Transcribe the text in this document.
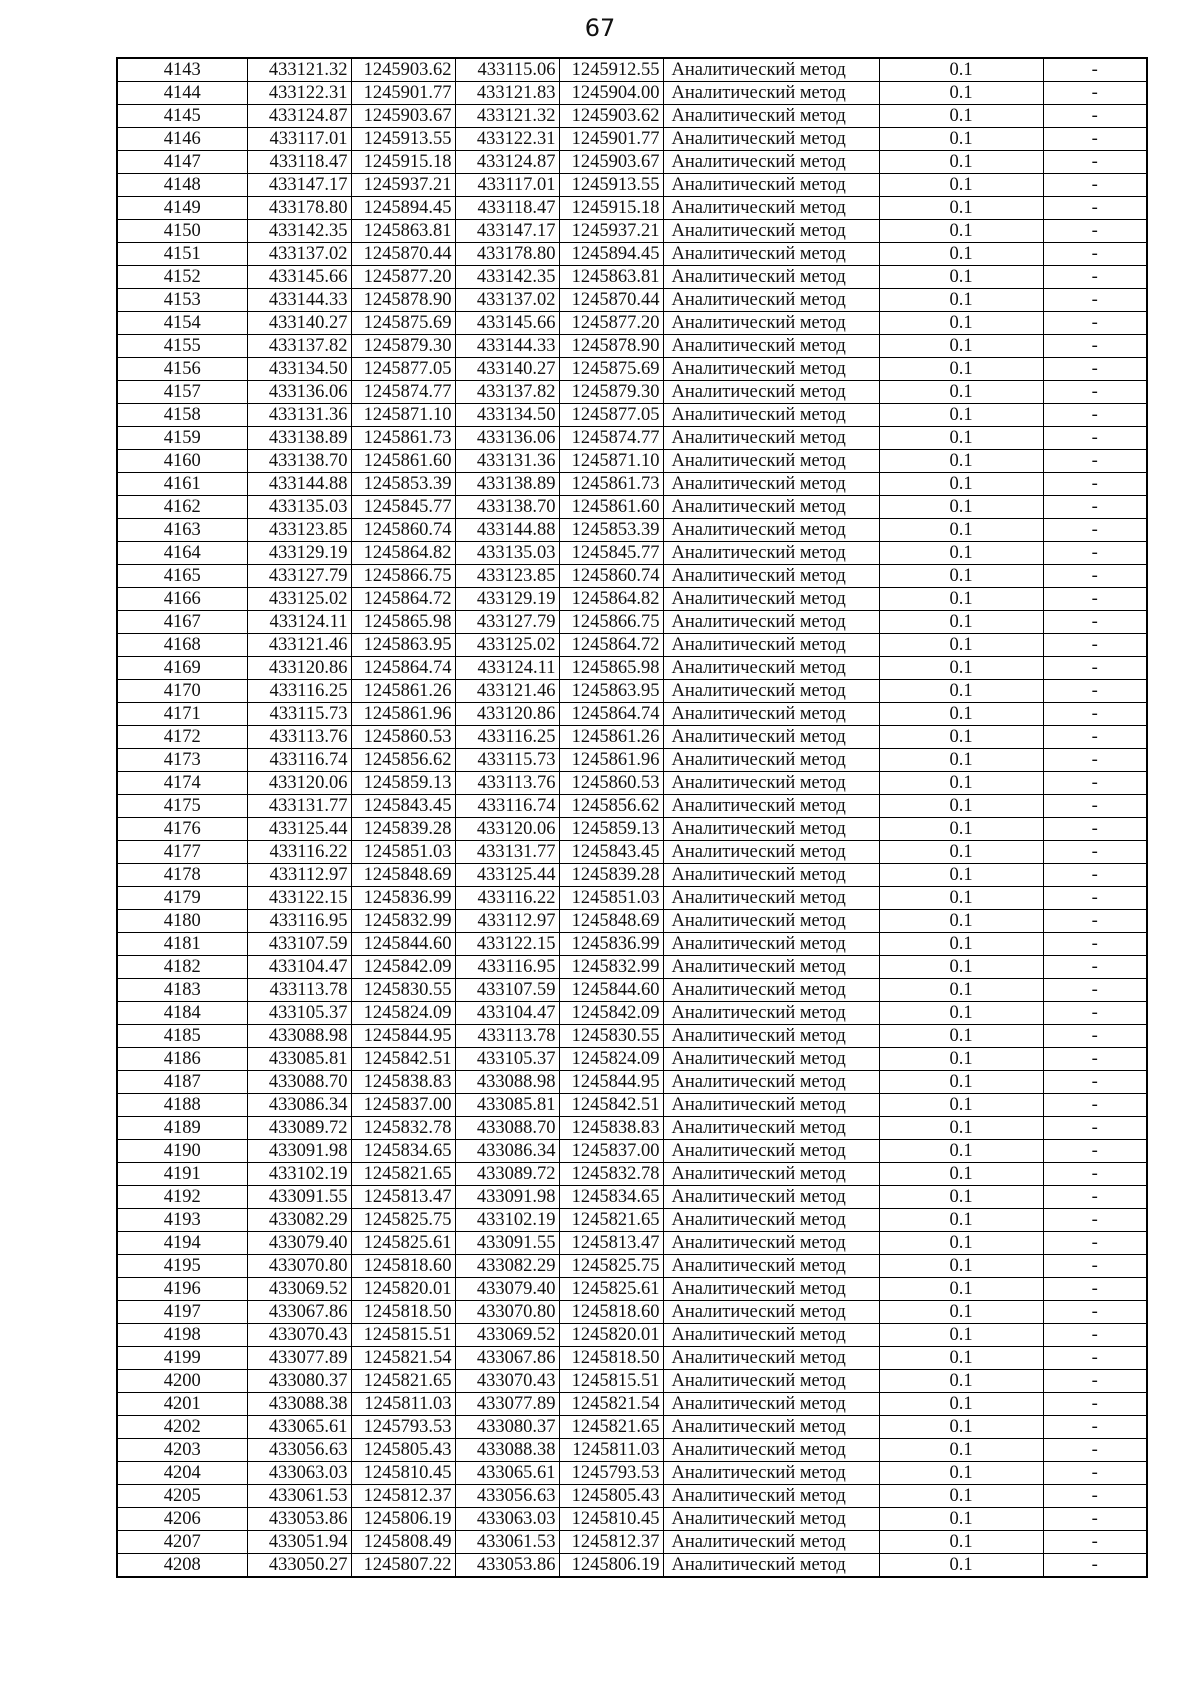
67
4143	433121.32	1245903.62	433115.06	1245912.55	Аналитический метод	0.1	-
4144	433122.31	1245901.77	433121.83	1245904.00	Аналитический метод	0.1	-
4145	433124.87	1245903.67	433121.32	1245903.62	Аналитический метод	0.1	-
4146	433117.01	1245913.55	433122.31	1245901.77	Аналитический метод	0.1	-
4147	433118.47	1245915.18	433124.87	1245903.67	Аналитический метод	0.1	-
4148	433147.17	1245937.21	433117.01	1245913.55	Аналитический метод	0.1	-
4149	433178.80	1245894.45	433118.47	1245915.18	Аналитический метод	0.1	-
4150	433142.35	1245863.81	433147.17	1245937.21	Аналитический метод	0.1	-
4151	433137.02	1245870.44	433178.80	1245894.45	Аналитический метод	0.1	-
4152	433145.66	1245877.20	433142.35	1245863.81	Аналитический метод	0.1	-
4153	433144.33	1245878.90	433137.02	1245870.44	Аналитический метод	0.1	-
4154	433140.27	1245875.69	433145.66	1245877.20	Аналитический метод	0.1	-
4155	433137.82	1245879.30	433144.33	1245878.90	Аналитический метод	0.1	-
4156	433134.50	1245877.05	433140.27	1245875.69	Аналитический метод	0.1	-
4157	433136.06	1245874.77	433137.82	1245879.30	Аналитический метод	0.1	-
4158	433131.36	1245871.10	433134.50	1245877.05	Аналитический метод	0.1	-
4159	433138.89	1245861.73	433136.06	1245874.77	Аналитический метод	0.1	-
4160	433138.70	1245861.60	433131.36	1245871.10	Аналитический метод	0.1	-
4161	433144.88	1245853.39	433138.89	1245861.73	Аналитический метод	0.1	-
4162	433135.03	1245845.77	433138.70	1245861.60	Аналитический метод	0.1	-
4163	433123.85	1245860.74	433144.88	1245853.39	Аналитический метод	0.1	-
4164	433129.19	1245864.82	433135.03	1245845.77	Аналитический метод	0.1	-
4165	433127.79	1245866.75	433123.85	1245860.74	Аналитический метод	0.1	-
4166	433125.02	1245864.72	433129.19	1245864.82	Аналитический метод	0.1	-
4167	433124.11	1245865.98	433127.79	1245866.75	Аналитический метод	0.1	-
4168	433121.46	1245863.95	433125.02	1245864.72	Аналитический метод	0.1	-
4169	433120.86	1245864.74	433124.11	1245865.98	Аналитический метод	0.1	-
4170	433116.25	1245861.26	433121.46	1245863.95	Аналитический метод	0.1	-
4171	433115.73	1245861.96	433120.86	1245864.74	Аналитический метод	0.1	-
4172	433113.76	1245860.53	433116.25	1245861.26	Аналитический метод	0.1	-
4173	433116.74	1245856.62	433115.73	1245861.96	Аналитический метод	0.1	-
4174	433120.06	1245859.13	433113.76	1245860.53	Аналитический метод	0.1	-
4175	433131.77	1245843.45	433116.74	1245856.62	Аналитический метод	0.1	-
4176	433125.44	1245839.28	433120.06	1245859.13	Аналитический метод	0.1	-
4177	433116.22	1245851.03	433131.77	1245843.45	Аналитический метод	0.1	-
4178	433112.97	1245848.69	433125.44	1245839.28	Аналитический метод	0.1	-
4179	433122.15	1245836.99	433116.22	1245851.03	Аналитический метод	0.1	-
4180	433116.95	1245832.99	433112.97	1245848.69	Аналитический метод	0.1	-
4181	433107.59	1245844.60	433122.15	1245836.99	Аналитический метод	0.1	-
4182	433104.47	1245842.09	433116.95	1245832.99	Аналитический метод	0.1	-
4183	433113.78	1245830.55	433107.59	1245844.60	Аналитический метод	0.1	-
4184	433105.37	1245824.09	433104.47	1245842.09	Аналитический метод	0.1	-
4185	433088.98	1245844.95	433113.78	1245830.55	Аналитический метод	0.1	-
4186	433085.81	1245842.51	433105.37	1245824.09	Аналитический метод	0.1	-
4187	433088.70	1245838.83	433088.98	1245844.95	Аналитический метод	0.1	-
4188	433086.34	1245837.00	433085.81	1245842.51	Аналитический метод	0.1	-
4189	433089.72	1245832.78	433088.70	1245838.83	Аналитический метод	0.1	-
4190	433091.98	1245834.65	433086.34	1245837.00	Аналитический метод	0.1	-
4191	433102.19	1245821.65	433089.72	1245832.78	Аналитический метод	0.1	-
4192	433091.55	1245813.47	433091.98	1245834.65	Аналитический метод	0.1	-
4193	433082.29	1245825.75	433102.19	1245821.65	Аналитический метод	0.1	-
4194	433079.40	1245825.61	433091.55	1245813.47	Аналитический метод	0.1	-
4195	433070.80	1245818.60	433082.29	1245825.75	Аналитический метод	0.1	-
4196	433069.52	1245820.01	433079.40	1245825.61	Аналитический метод	0.1	-
4197	433067.86	1245818.50	433070.80	1245818.60	Аналитический метод	0.1	-
4198	433070.43	1245815.51	433069.52	1245820.01	Аналитический метод	0.1	-
4199	433077.89	1245821.54	433067.86	1245818.50	Аналитический метод	0.1	-
4200	433080.37	1245821.65	433070.43	1245815.51	Аналитический метод	0.1	-
4201	433088.38	1245811.03	433077.89	1245821.54	Аналитический метод	0.1	-
4202	433065.61	1245793.53	433080.37	1245821.65	Аналитический метод	0.1	-
4203	433056.63	1245805.43	433088.38	1245811.03	Аналитический метод	0.1	-
4204	433063.03	1245810.45	433065.61	1245793.53	Аналитический метод	0.1	-
4205	433061.53	1245812.37	433056.63	1245805.43	Аналитический метод	0.1	-
4206	433053.86	1245806.19	433063.03	1245810.45	Аналитический метод	0.1	-
4207	433051.94	1245808.49	433061.53	1245812.37	Аналитический метод	0.1	-
4208	433050.27	1245807.22	433053.86	1245806.19	Аналитический метод	0.1	-
